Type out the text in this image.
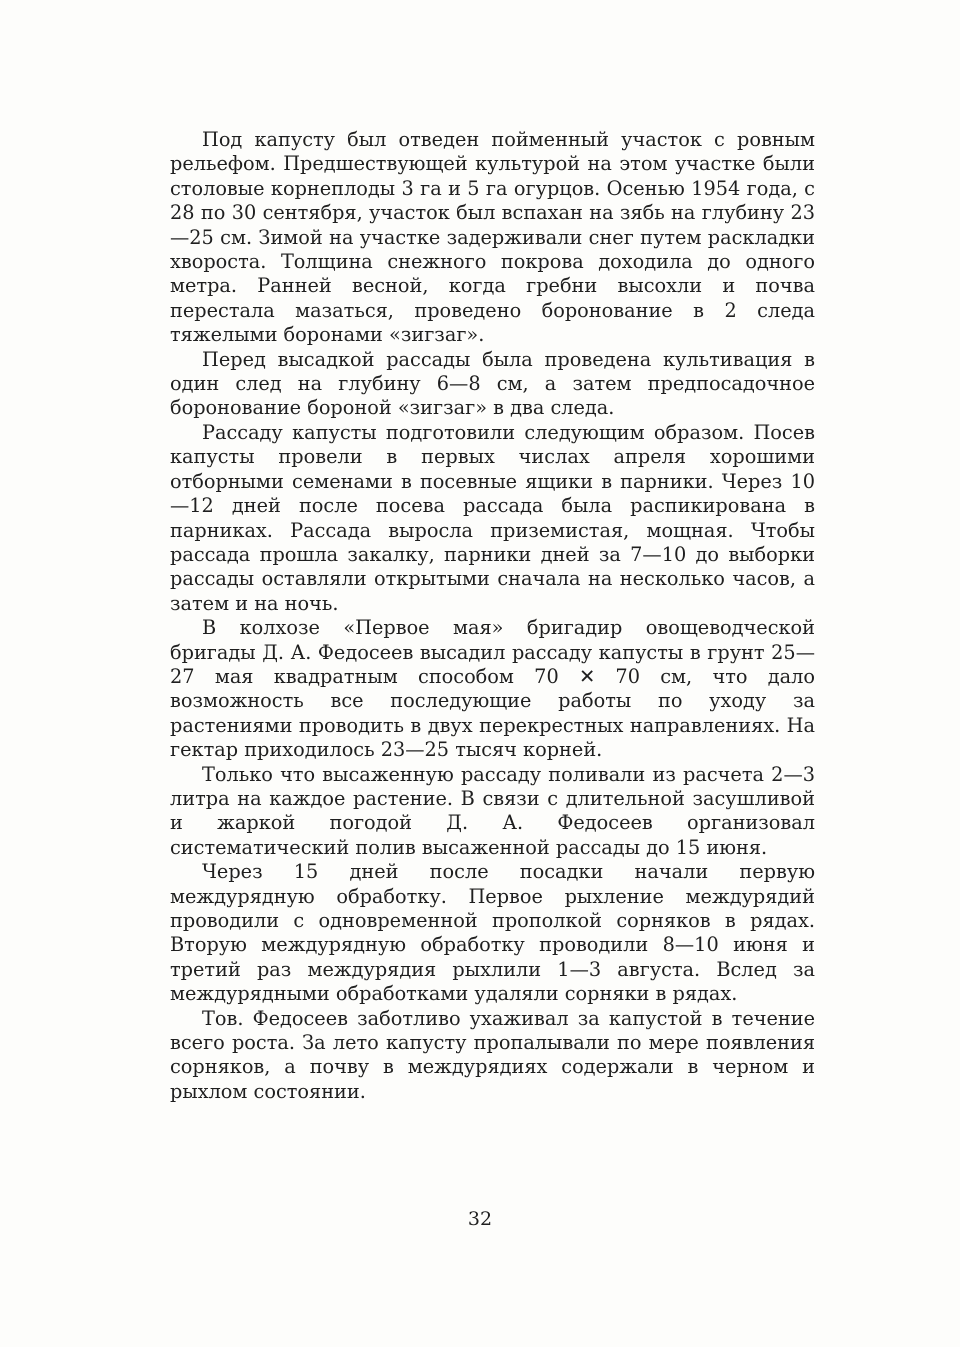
Под капусту был отведен пойменный участок с ровным рельефом. Предшествующей культурой на этом участке были столовые корнеплоды 3 га и 5 га огурцов. Осенью 1954 года, с 28 по 30 сентября, участок был вспахан на зябь на глубину 23—25 см. Зимой на участке задерживали снег путем раскладки хвороста. Толщина снежного покрова доходила до одного метра. Ранней весной, когда гребни высохли и почва перестала мазаться, проведено боронование в 2 следа тяжелыми боронами «зигзаг».

Перед высадкой рассады была проведена культивация в один след на глубину 6—8 см, а затем предпосадочное боронование бороной «зигзаг» в два следа.

Рассаду капусты подготовили следующим образом. Посев капусты провели в первых числах апреля хорошими отборными семенами в посевные ящики в парники. Через 10—12 дней после посева рассада была распикирована в парниках. Рассада выросла приземистая, мощная. Чтобы рассада прошла закалку, парники дней за 7—10 до выборки рассады оставляли открытыми сначала на несколько часов, а затем и на ночь.

В колхозе «Первое мая» бригадир овощеводческой бригады Д. А. Федосеев высадил рассаду капусты в грунт 25—27 мая квадратным способом 70 ✕ 70 см, что дало возможность все последующие работы по уходу за растениями проводить в двух перекрестных направлениях. На гектар приходилось 23—25 тысяч корней.

Только что высаженную рассаду поливали из расчета 2—3 литра на каждое растение. В связи с длительной засушливой и жаркой погодой Д. А. Федосеев организовал систематический полив высаженной рассады до 15 июня.

Через 15 дней после посадки начали первую междурядную обработку. Первое рыхление междурядий проводили с одновременной прополкой сорняков в рядах. Вторую междурядную обработку проводили 8—10 июня и третий раз междурядия рыхлили 1—3 августа. Вслед за междурядными обработками удаляли сорняки в рядах.

Тов. Федосеев заботливо ухаживал за капустой в течение всего роста. За лето капусту пропалывали по мере появления сорняков, а почву в междурядиях содержали в черном и рыхлом состоянии.

32
